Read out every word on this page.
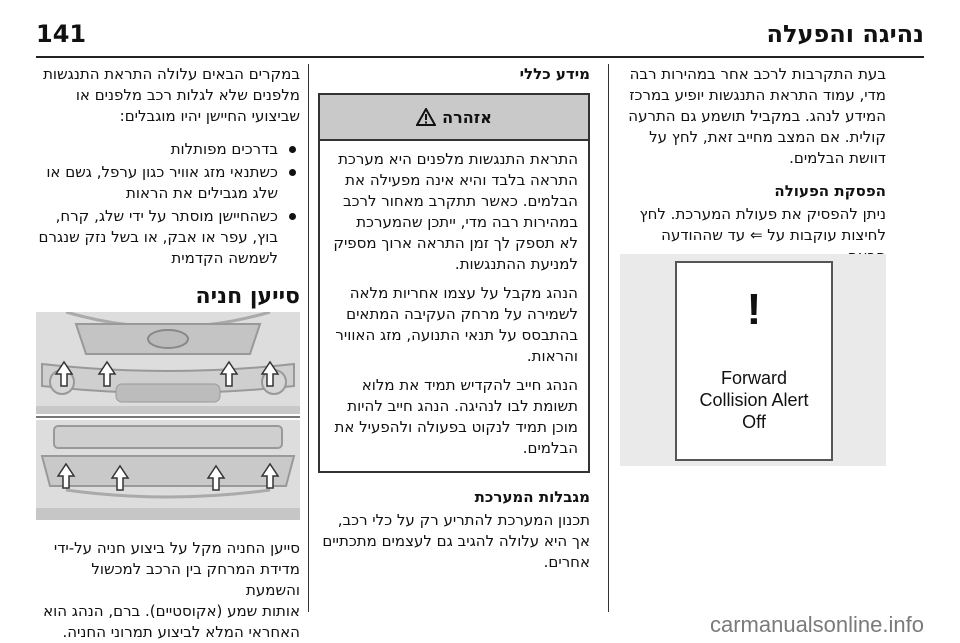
נהיגה והפעלה
141

בעת התקרבות לרכב אחר במהירות רבה
מדי, עמוד התראת התנגשות יופיע במרכז
המידע לנהג. במקביל תושמע גם התרעה
קולית. אם המצב מחייב זאת, לחץ על
דוושת הבלמים.

הפסקת הפעולה

ניתן להפסיק את פעולת המערכת. לחץ
לחיצות עוקבות על ⇐ עד שההודעה

!
Forward
Collision Alert
Off
מידע כללי
אזהרה

התראת התנגשות מלפנים היא מערכת
התראה בלבד והיא אינה מפעילה את
הבלמים. כאשר תתקרב מאחור לרכב
במהירות רבה מדי, ייתכן שהמערכת
לא תספק לך זמן התראה ארוך מספיק
למניעת ההתנגשות.

הנהג מקבל על עצמו אחריות מלאה
לשמירה על מרחק העקיבה המתאים
בהתבסס על תנאי התנועה, מזג האוויר
והראות.

הנהג חייב להקדיש תמיד את מלוא
תשומת לבו לנהיגה. הנהג חייב להיות
מוכן תמיד לנקוט בפעולה ולהפעיל את
הבלמים.

מגבלות המערכת

תכנון המערכת להתריע רק על כלי רכב,
אך היא עלולה להגיב גם לעצמים מתכתיים
אחרים.

במקרים הבאים עלולה התראת התנגשות
מלפנים שלא לגלות רכב מלפנים או
שביצועי החיישן יהיו מוגבלים:

בדרכים מפותלות
כשתנאי מזג אוויר כגון ערפל, גשם או
שלג מגבילים את הראות
כשהחיישן מוסתר על ידי שלג, קרח,
בוץ, עפר או אבק, או בשל נזק שנגרם
לשמשה הקדמית
סייען חניה
סייען החניה מקל על ביצוע חניה על-ידי
מדידת המרחק בין הרכב למכשול והשמעת
אותות שמע (אקוסטיים). ברם, הנהג הוא
האחראי המלא לביצוע תמרוני החניה.	carmanualsonline.info
